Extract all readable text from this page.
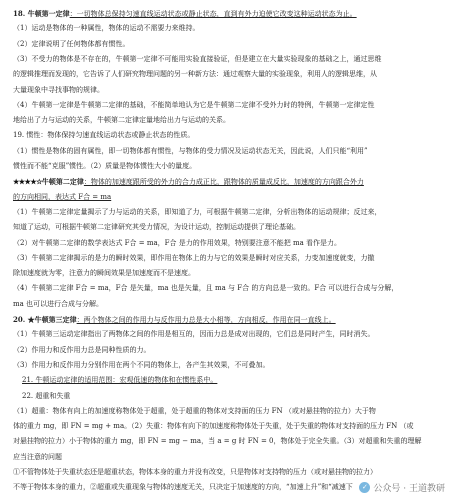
18. 牛顿第一定律：一切物体总保持匀速直线运动状态或静止状态，直到有外力迫使它改变这种运动状态为止。
（1）运动是物体的一种属性，物体的运动不需要力来维持。
（2）定律说明了任何物体都有惯性。
（3）不受力的物体是不存在的，牛顿第一定律不可能用实验直接验证，但是建立在大量实验现象的基础之上，通过思维
的逻辑推理而发现的，它告诉了人们研究物理问题的另一种新方法：通过观察大量的实验现象，利用人的逻辑思维，从
大量现象中寻找事物的规律。
（4）牛顿第一定律是牛顿第二定律的基础，不能简单地认为它是牛顿第二定律不受外力时的特例，牛顿第一定律定性
地给出了力与运动的关系，牛顿第二定律定量地给出力与运动的关系。
19. 惯性：物体保持匀速直线运动状态或静止状态的性质。
（1）惯性是物体的固有属性，即一切物体都有惯性，与物体的受力情况及运动状态无关，因此说，人们只能“利用”
惯性而不能“克服”惯性。（2）质量是物体惯性大小的量度。
★★★★☆牛顿第二定律：物体的加速度跟所受的外力的合力成正比，跟物体的质量成反比，加速度的方向跟合外力
的方向相同，表达式 F合 = ma
（1）牛顿第二定律定量揭示了力与运动的关系，即知道了力，可根据牛顿第二定律，分析出物体的运动规律；反过来，
知道了运动，可根据牛顿第二定律研究其受力情况，为设计运动，控制运动提供了理论基础。
（2）对牛顿第二定律的数学表达式 F合 = ma，F合 是力的作用效果，特别要注意不能把 ma 看作是力。
（3）牛顿第二定律揭示的是力的瞬时效果，即作用在物体上的力与它的效果是瞬时对应关系，力变加速度就变，力撤
除加速度就为零，注意力的瞬间效果是加速度而不是速度。
（4）牛顿第二定律 F合 = ma，F合 是矢量，ma 也是矢量，且 ma 与 F合 的方向总是一致的。F合 可以进行合成与分解，
ma 也可以进行合成与分解。
20. ★牛顿第三定律：两个物体之间的作用力与反作用力总是大小相等，方向相反，作用在同一直线上。
（1）牛顿第三运动定律指出了两物体之间的作用是相互的，因而力总是成对出现的，它们总是同时产生，同时消失。
（2）作用力和反作用力总是同种性质的力。
（3）作用力和反作用力分别作用在两个不同的物体上，各产生其效果，不可叠加。
21. 牛顿运动定律的适用范围：宏观低速的物体和在惯性系中。
22. 超重和失重
（1）超重：物体有向上的加速度称物体处于超重，处于超重的物体对支持面的压力 FN （或对悬挂物的拉力）大于物
体的重力 mg，即 FN = mg + ma。（2）失重：物体有向下的加速度称物体处于失重，处于失重的物体对支持面的压力 FN （或
对悬挂物的拉力）小于物体的重力 mg，即 FN = mg − ma，当 a = g 时 FN = 0，物体处于完全失重。（3）对超重和失重的理解
应当注意的问题
①不管物体处于失重状态还是超重状态，物体本身的重力并没有改变，只是物体对支持物的压力（或对悬挂物的拉力）
不等于物体本身的重力，②超重或失重现象与物体的速度无关，只决定于加速度的方向，“加速上升”和“减速下	✓ 公众号 · 王道教研
